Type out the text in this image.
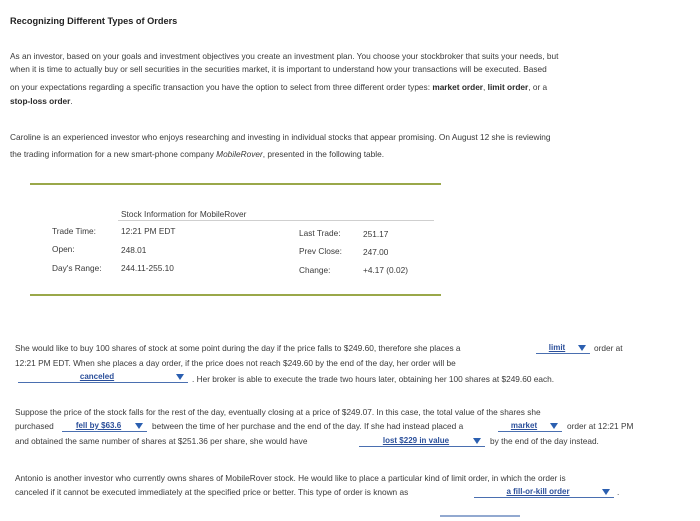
Recognizing Different Types of Orders
As an investor, based on your goals and investment objectives you create an investment plan. You choose your stockbroker that suits your needs, but
when it is time to actually buy or sell securities in the securities market, it is important to understand how your transactions will be executed. Based
on your expectations regarding a specific transaction you have the option to select from three different order types: market order, limit order, or a
stop-loss order.
Caroline is an experienced investor who enjoys researching and investing in individual stocks that appear promising. On August 12 she is reviewing
the trading information for a new smart-phone company MobileRover, presented in the following table.
Stock Information for MobileRover
Trade Time:	12:21 PM EDT	Last Trade:	251.17
Open:	248.01	Prev Close:	247.00
Day's Range: 244.11-255.10	Change:	+4.17 (0.02)
She would like to buy 100 shares of stock at some point during the day if the price falls to $249.60, therefore she places a	limit	order at
12:21 PM EDT. When she places a day order, if the price does not reach $249.60 by the end of the day, her order will be
canceled	. Her broker is able to execute the trade two hours later, obtaining her 100 shares at $249.60 each.
Suppose the price of the stock falls for the rest of the day, eventually closing at a price of $249.07. In this case, the total value of the shares she
purchased	fell by $63.6	between the time of her purchase and the end of the day. If she had instead placed a	market	order at 12:21 PM
and obtained the same number of shares at $251.36 per share, she would have	lost $229 in value	by the end of the day instead.
Antonio is another investor who currently owns shares of MobileRover stock. He would like to place a particular kind of limit order, in which the order is
canceled if it cannot be executed immediately at the specified price or better. This type of order is known as	a fill-or-kill order	.
